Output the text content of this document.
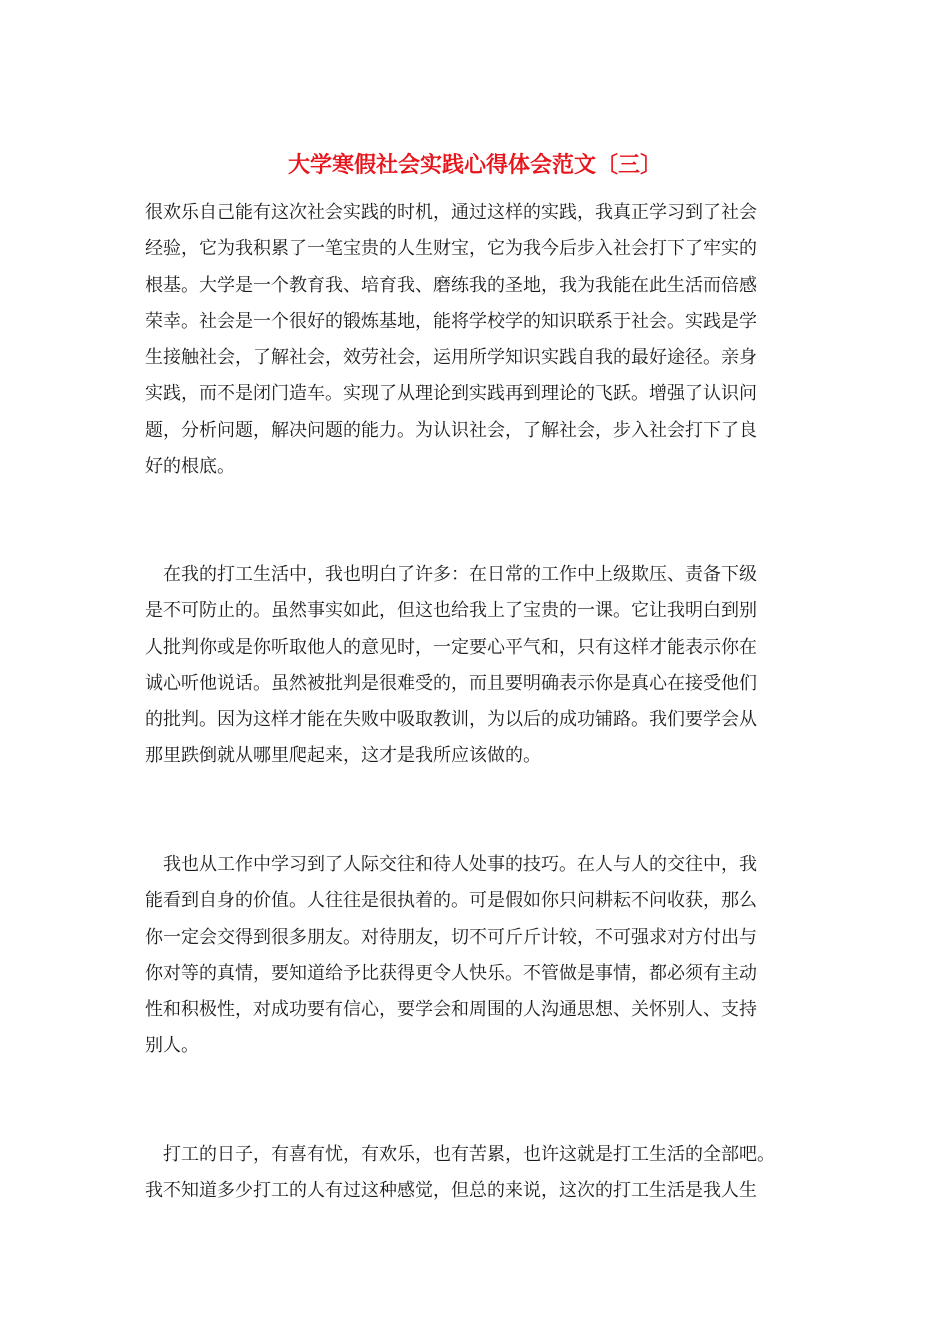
大学寒假社会实践心得体会范文〔三〕

很欢乐自己能有这次社会实践的时机，通过这样的实践，我真正学习到了社会
经验，它为我积累了一笔宝贵的人生财宝，它为我今后步入社会打下了牢实的
根基。大学是一个教育我、培育我、磨练我的圣地，我为我能在此生活而倍感
荣幸。社会是一个很好的锻炼基地，能将学校学的知识联系于社会。实践是学
生接触社会，了解社会，效劳社会，运用所学知识实践自我的最好途径。亲身
实践，而不是闭门造车。实现了从理论到实践再到理论的飞跃。增强了认识问
题，分析问题，解决问题的能力。为认识社会，了解社会，步入社会打下了良
好的根底。

　在我的打工生活中，我也明白了许多：在日常的工作中上级欺压、责备下级
是不可防止的。虽然事实如此，但这也给我上了宝贵的一课。它让我明白到别
人批判你或是你听取他人的意见时，一定要心平气和，只有这样才能表示你在
诚心听他说话。虽然被批判是很难受的，而且要明确表示你是真心在接受他们
的批判。因为这样才能在失败中吸取教训，为以后的成功铺路。我们要学会从
那里跌倒就从哪里爬起来，这才是我所应该做的。

　我也从工作中学习到了人际交往和待人处事的技巧。在人与人的交往中，我
能看到自身的价值。人往往是很执着的。可是假如你只问耕耘不问收获，那么
你一定会交得到很多朋友。对待朋友，切不可斤斤计较，不可强求对方付出与
你对等的真情，要知道给予比获得更令人快乐。不管做是事情，都必须有主动
性和积极性，对成功要有信心，要学会和周围的人沟通思想、关怀别人、支持
别人。

　打工的日子，有喜有忧，有欢乐，也有苦累，也许这就是打工生活的全部吧。
我不知道多少打工的人有过这种感觉，但总的来说，这次的打工生活是我人生
